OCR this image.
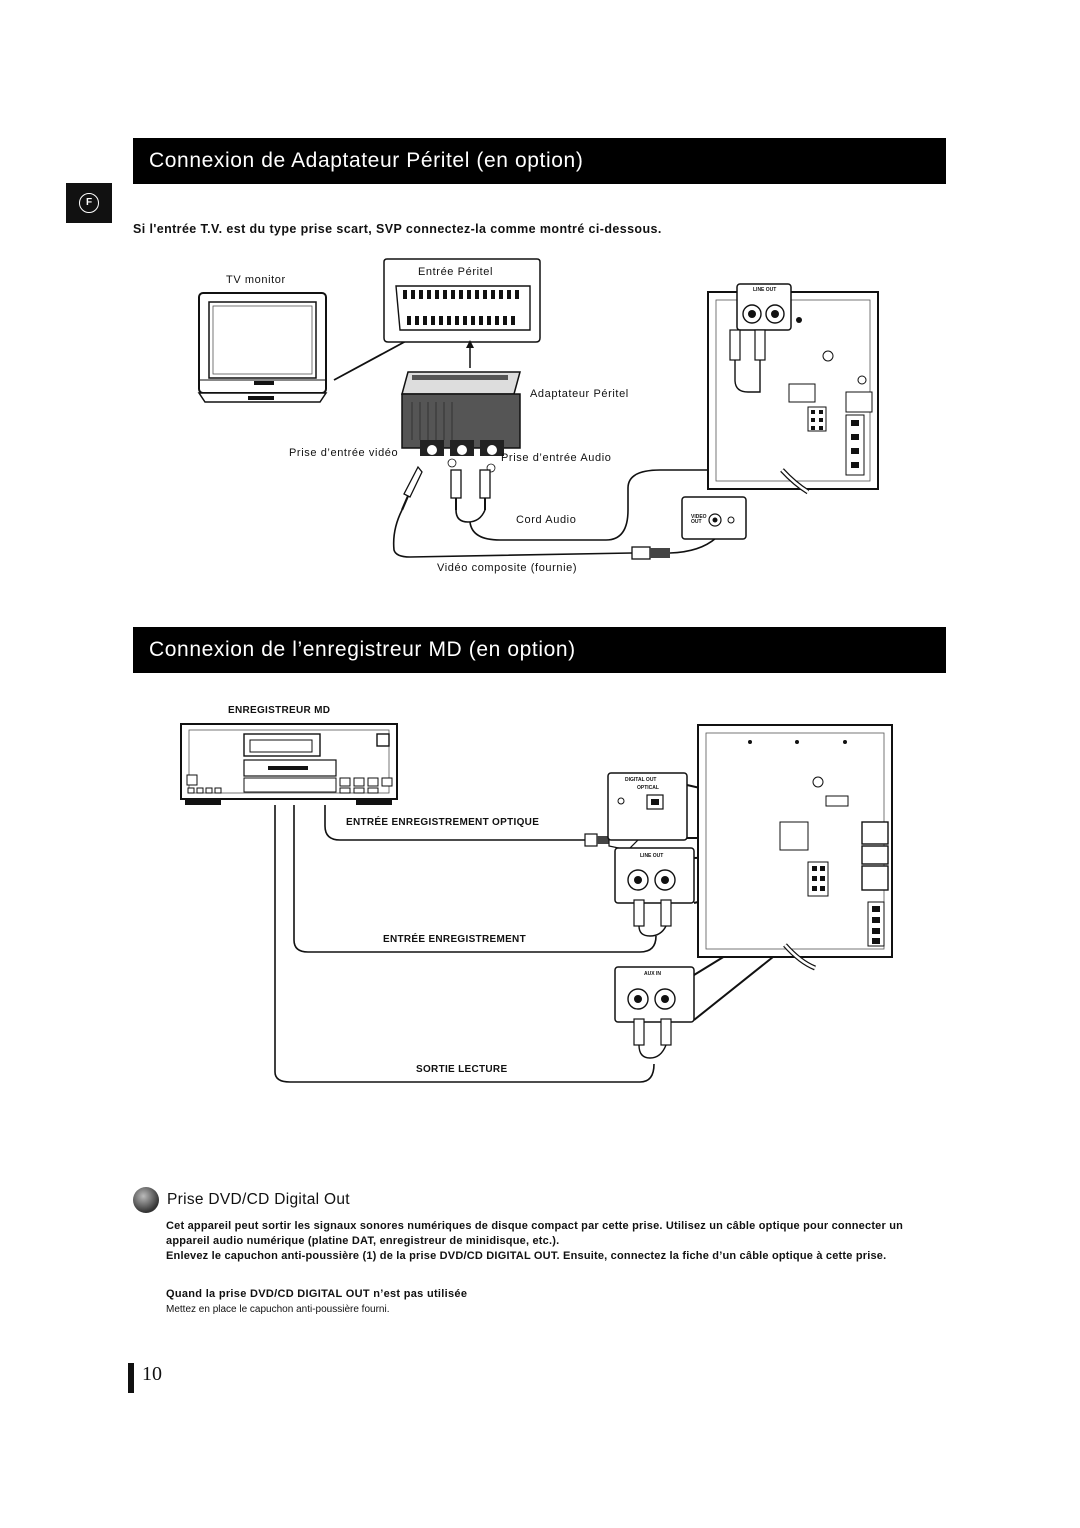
F
Connexion de Adaptateur Péritel (en option)
Si l'entrée T.V. est du type prise scart, SVP connectez-la comme montré ci-dessous.
TV monitor
Entrée Péritel
Adaptateur Péritel
Prise d’entrée vidéo	Prise d’entrée Audio
Cord Audio
Vidéo composite (fournie)
LINE OUT
VIDEO OUT
Connexion de l’enregistreur MD (en option)
ENREGISTREUR MD
ENTRÉE ENREGISTREMENT OPTIQUE
ENTRÉE ENREGISTREMENT
SORTIE LECTURE
DIGITAL OUT
OPTICAL
LINE OUT
AUX IN
Prise DVD/CD Digital Out
Cet appareil peut sortir les signaux sonores numériques de disque compact par cette prise. Utilisez un câble optique pour connecter un appareil audio numérique (platine DAT, enregistreur de minidisque, etc.).
Enlevez le capuchon anti-poussière (1) de la prise DVD/CD DIGITAL OUT. Ensuite, connectez la fiche d’un câble optique à cette prise.
Quand la prise DVD/CD DIGITAL OUT n’est pas utilisée
Mettez en place le capuchon anti-poussière fourni.
10
